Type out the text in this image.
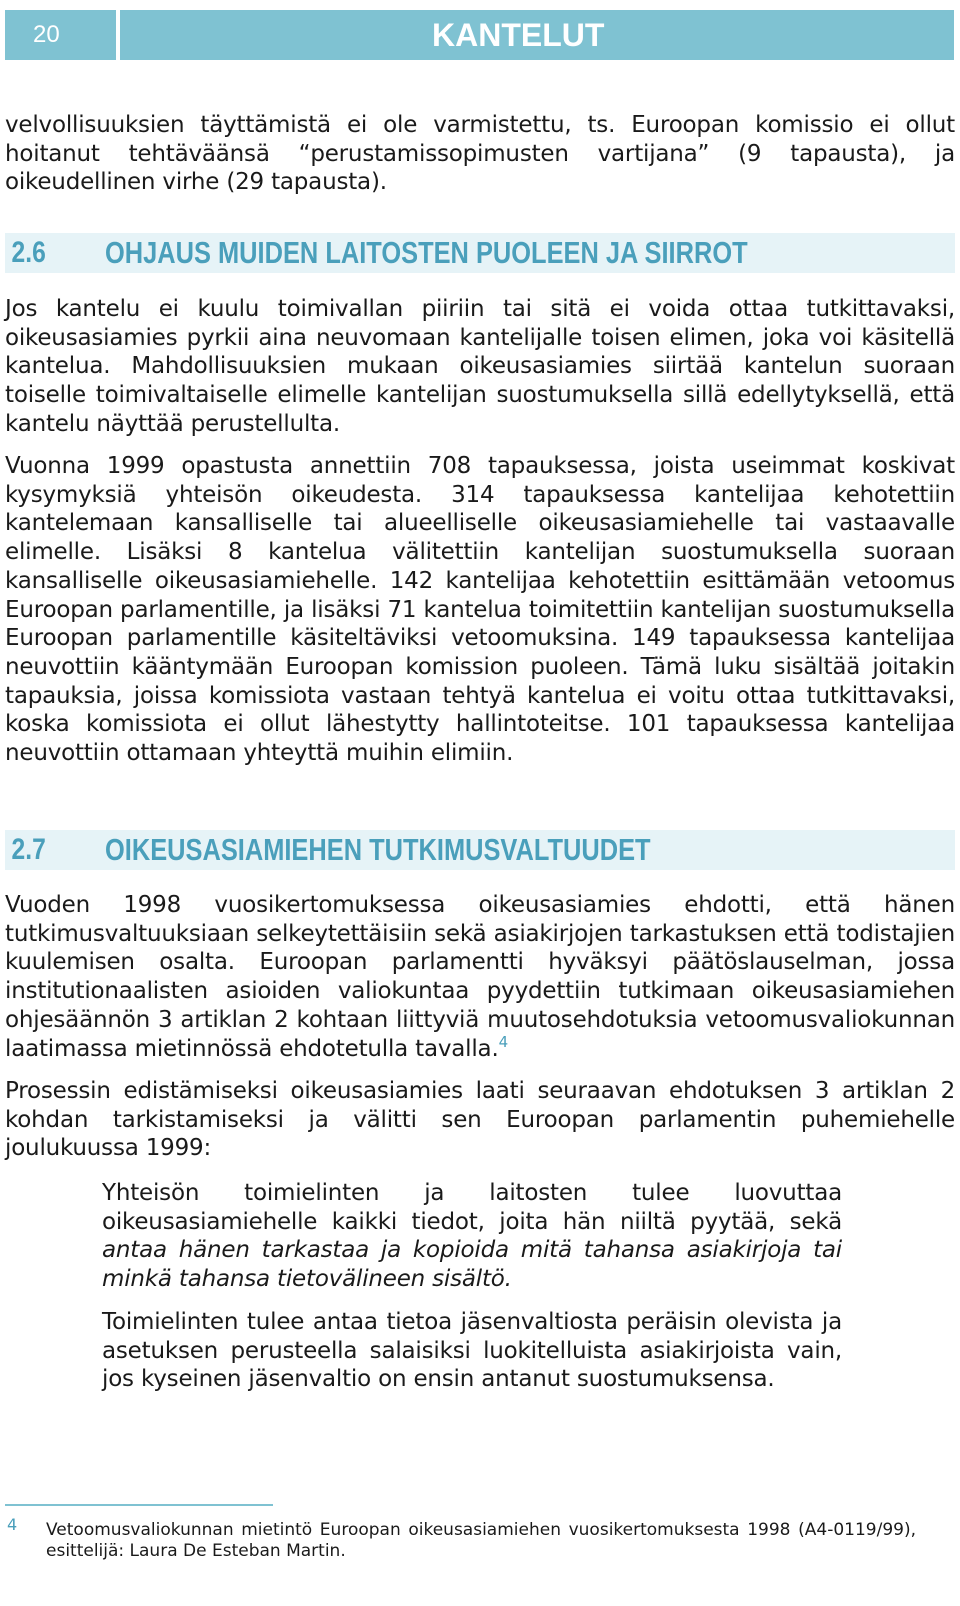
20	KANTELUT

velvollisuuksien täyttämistä ei ole varmistettu, ts. Euroopan komissio ei ollut hoitanut tehtäväänsä “perustamissopimusten vartijana” (9 tapausta), ja oikeudellinen virhe (29 tapausta).

2.6	OHJAUS MUIDEN LAITOSTEN PUOLEEN JA SIIRROT

Jos kantelu ei kuulu toimivallan piiriin tai sitä ei voida ottaa tutkittavaksi, oikeusasiamies pyrkii aina neuvomaan kantelijalle toisen elimen, joka voi käsitellä kantelua. Mahdollisuuksien mukaan oikeusasiamies siirtää kantelun suoraan toiselle toimivaltaiselle elimelle kantelijan suostumuksella sillä edellytyksellä, että kantelu näyttää perustellulta.

Vuonna 1999 opastusta annettiin 708 tapauksessa, joista useimmat koskivat kysymyksiä yhteisön oikeudesta. 314 tapauksessa kantelijaa kehotettiin kantelemaan kansalliselle tai alueelliselle oikeusasiamiehelle tai vastaavalle elimelle. Lisäksi 8 kantelua välitettiin kantelijan suostumuksella suoraan kansalliselle oikeusasiamiehelle. 142 kantelijaa kehotettiin esittämään vetoomus Euroopan parlamentille, ja lisäksi 71 kantelua toimitettiin kantelijan suostumuksella Euroopan parlamentille käsiteltäviksi vetoomuksina. 149 tapauksessa kantelijaa neuvottiin kääntymään Euroopan komission puoleen. Tämä luku sisältää joitakin tapauksia, joissa komissiota vastaan tehtyä kantelua ei voitu ottaa tutkittavaksi, koska komissiota ei ollut lähestytty hallintoteitse. 101 tapauksessa kantelijaa neuvottiin ottamaan yhteyttä muihin elimiin.

2.7	OIKEUSASIAMIEHEN TUTKIMUSVALTUUDET

Vuoden 1998 vuosikertomuksessa oikeusasiamies ehdotti, että hänen tutkimusvaltuuksiaan selkeytettäisiin sekä asiakirjojen tarkastuksen että todistajien kuulemisen osalta. Euroopan parlamentti hyväksyi päätöslauselman, jossa institutionaalisten asioiden valiokuntaa pyydettiin tutkimaan oikeusasiamiehen ohjesäännön 3 artiklan 2 kohtaan liittyviä muutosehdotuksia vetoomusvaliokunnan laatimassa mietinnössä ehdotetulla tavalla.$^4$

Prosessin edistämiseksi oikeusasiamies laati seuraavan ehdotuksen 3 artiklan 2 kohdan tarkistamiseksi ja välitti sen Euroopan parlamentin puhemiehelle joulukuussa 1999:

Yhteisön toimielinten ja laitosten tulee luovuttaa oikeusasiamiehelle kaikki tiedot, joita hän niiltä pyytää, sekä antaa hänen tarkastaa ja kopioida mitä tahansa asiakirjoja tai minkä tahansa tietovälineen sisältö.

Toimielinten tulee antaa tietoa jäsenvaltiosta peräisin olevista ja asetuksen perusteella salaisiksi luokitelluista asiakirjoista vain, jos kyseinen jäsenvaltio on ensin antanut suostumuksensa.

4 Vetoomusvaliokunnan mietintö Euroopan oikeusasiamiehen vuosikertomuksesta 1998 (A4-0119/99), esittelijä: Laura De Esteban Martin.
